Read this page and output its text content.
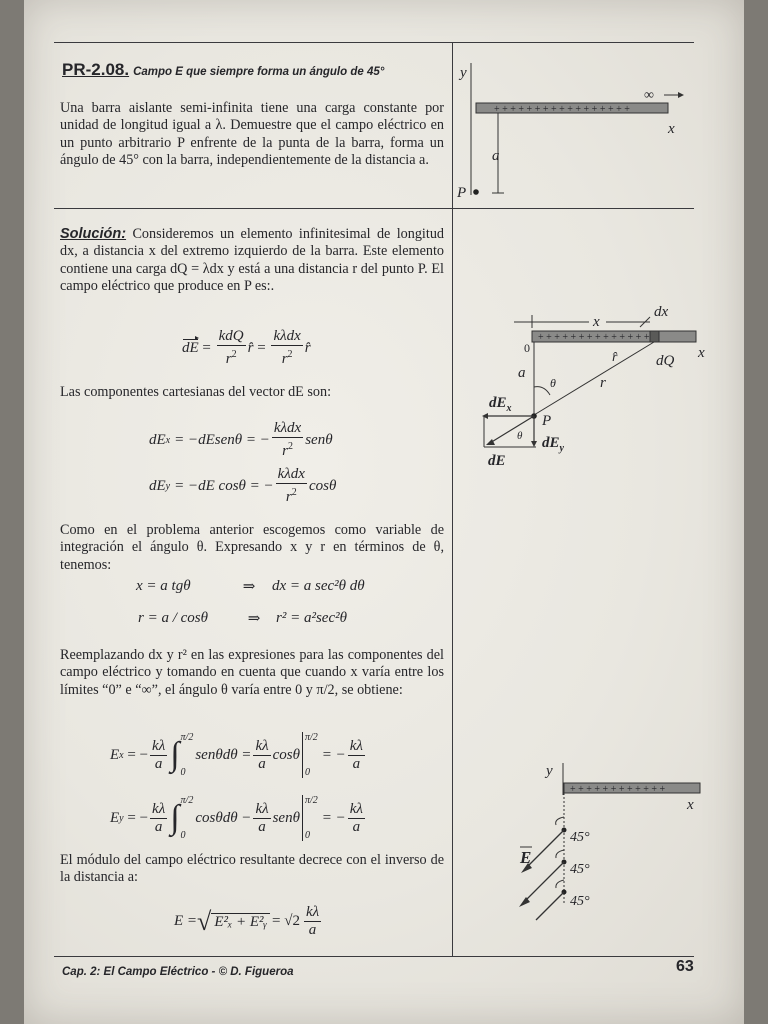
PR-2.08. Campo E que siempre forma un ángulo de 45°
Una barra aislante semi-infinita tiene una carga constante por unidad de longitud igual a λ. Demuestre que el campo eléctrico en un punto arbitrario P enfrente de la punta de la barra, forma un ángulo de 45° con la barra, independientemente de la distancia a.
Solución: Consideremos un elemento infinitesimal de longitud dx, a distancia x del extremo izquierdo de la barra. Este elemento contiene una carga dQ = λdx y está a una distancia r del punto P. El campo eléctrico que produce en P es:.
dE = $\frac{\text{kdQ}}{r^2}$ r̂ = $\frac{\text{kλdx}}{r^2}$ r̂
Las componentes cartesianas del vector dE son:
dE x = −dEsenθ = − $\frac{\text{kλdx}}{r^2}$ senθ
dE y = −dE cosθ = − $\frac{\text{kλdx}}{r^2}$ cosθ
Como en el problema anterior escogemos como variable de integración el ángulo θ. Expresando x y r en términos de θ, tenemos:
x = a tgθ	⇒	dx = a sec²θ dθ
r = a / cosθ	⇒	r² = a²sec²θ
Reemplazando dx y r² en las expresiones para las componentes del campo eléctrico y tomando en cuenta que cuando x varía entre los límites “0” e “∞”, el ángulo θ varía entre 0 y π/2, se obtiene:
E x = − $\frac{k\lambda}{a}$ ∫ π/2
0
$sen\theta d\theta = \frac{k\lambda}{a}$ cosθ
π/2
0
= − $\frac{k\lambda}{a}$
E y = − $\frac{k\lambda}{a}$ ∫ π/2
0
$\cos\theta d\theta - \frac{k\lambda}{a}$ senθ
π/2
0
= − $\frac{k\lambda}{a}$
El módulo del campo eléctrico resultante decrece con el inverso de la distancia a:
E = √ E²ₓ + E²ᵧ = $√2 \frac{k\lambda}{a}$
y
+ + + + + + + + + + + + + + + + +
∞
x
a
P
dx
x
+ + + + + + + + + + + + + +
0	x
r̂	dQ
r
a
θ
P
$dE_x$
θ $dE_y$
dE
y
+ + + + + + + + + + + +
x
45°
45°
45°
E
Cap. 2: El Campo Eléctrico - © D. Figueroa	63
